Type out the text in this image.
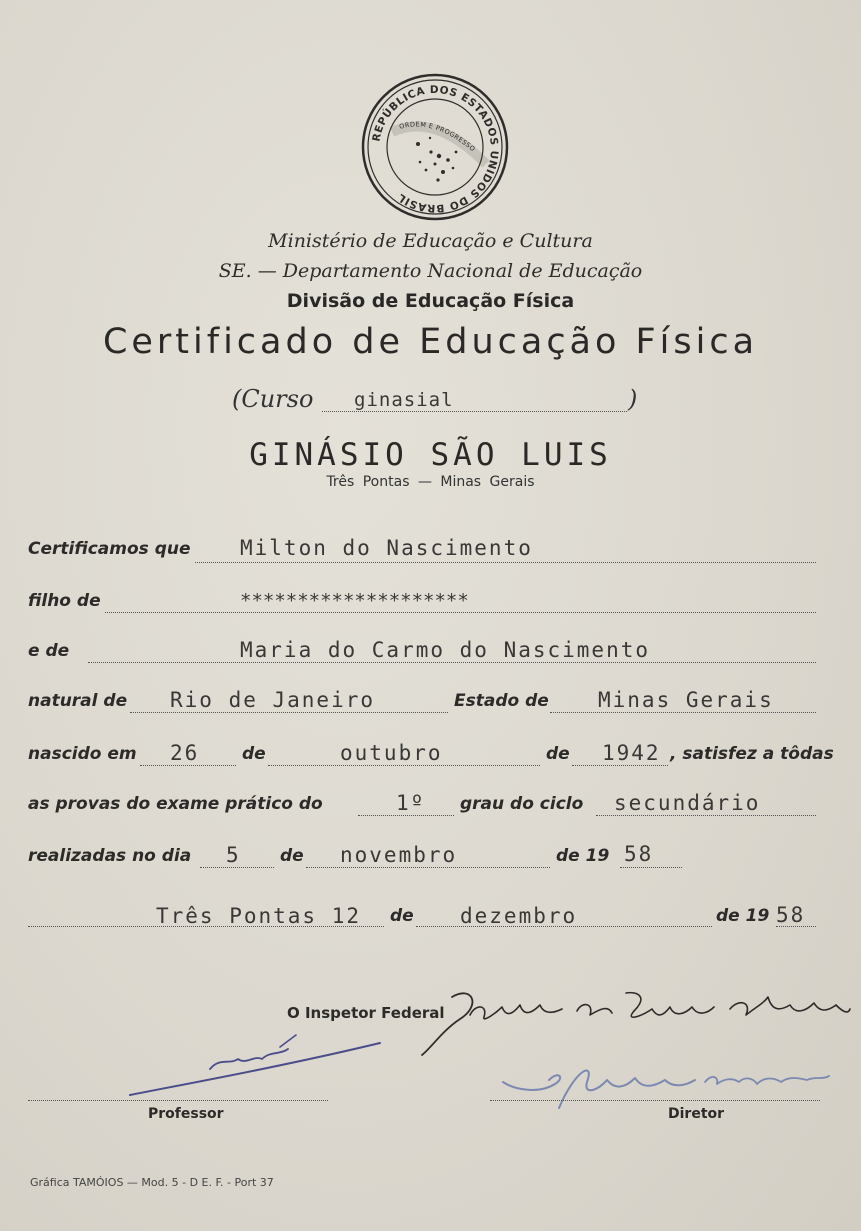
REPÚBLICA DOS ESTADOS UNIDOS DO BRASIL
ORDEM E PROGRESSO
Ministério de Educação e Cultura
SE. — Departamento Nacional de Educação
Divisão de Educação Física
Certificado de Educação Física
(Curso ginasial	)
GINÁSIO SÃO LUIS
Três Pontas — Minas Gerais
Certificamos que Milton do Nascimento
filho de	********************
e de	Maria do Carmo do Nascimento
natural de Rio de Janeiro	Estado de Minas Gerais
nascido em 26	de	outubro	de 1942 , satisfez a tôdas
as provas do exame prático do	1º grau do ciclo secundário
realizadas no dia 5 de novembro	de 19 58
Três Pontas 12 de dezembro	de 19 58
O Inspetor Federal
Professor	Diretor
Gráfica TAMÓIOS — Mod. 5 - D E. F. - Port 37
